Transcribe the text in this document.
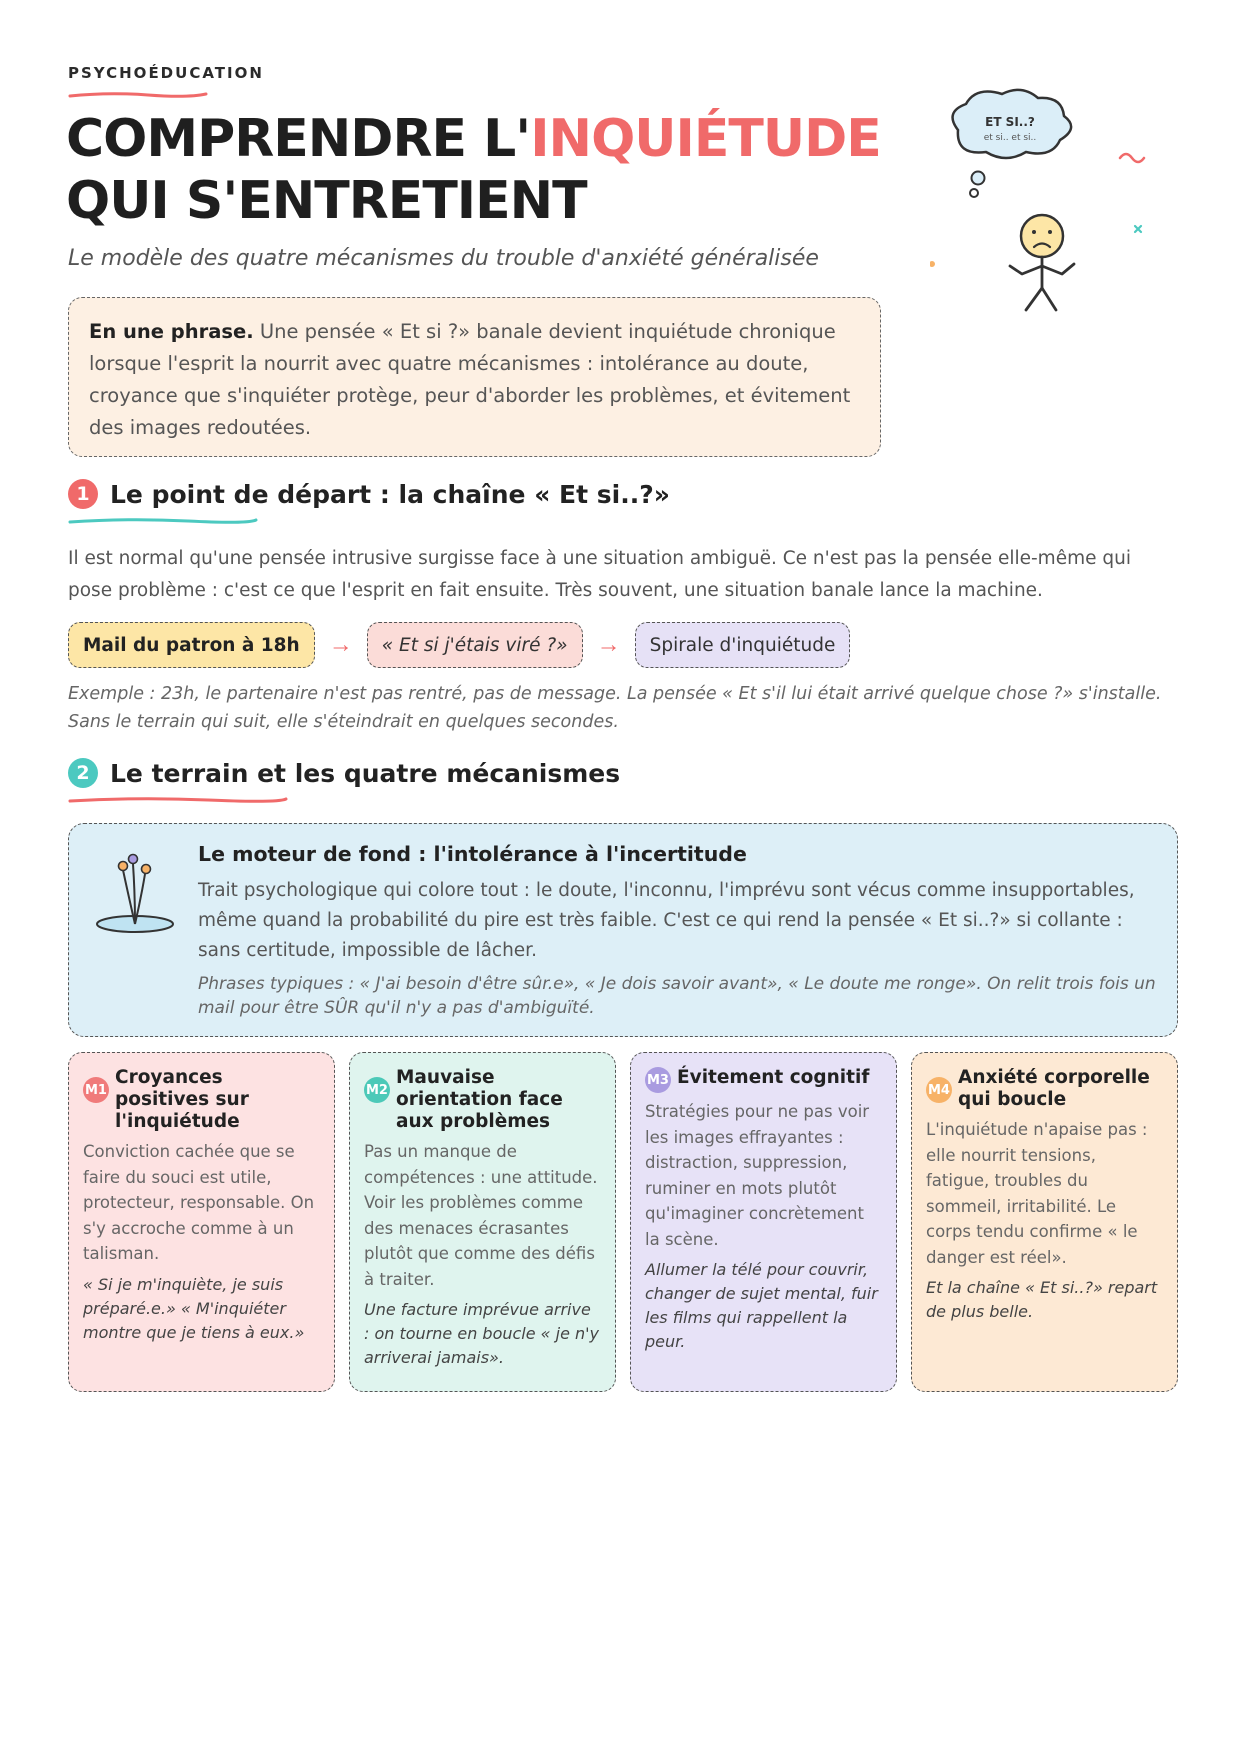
PSYCHOÉDUCATION
COMPRENDRE L'INQUIÉTUDE
QUI S'ENTRETIENT
Le modèle des quatre mécanismes du trouble d'anxiété généralisée
ET SI..?
et si.. et si..
En une phrase. Une pensée « Et si ?» banale devient inquiétude chronique lorsque l'esprit la nourrit avec quatre mécanismes : intolérance au doute, croyance que s'inquiéter protège, peur d'aborder les problèmes, et évitement des images redoutées.
1 Le point de départ : la chaîne « Et si..?»
Il est normal qu'une pensée intrusive surgisse face à une situation ambiguë. Ce n'est pas la pensée elle-même qui pose problème : c'est ce que l'esprit en fait ensuite. Très souvent, une situation banale lance la machine.
Mail du patron à 18h	→	« Et si j'étais viré ?»	→	Spirale d'inquiétude
Exemple : 23h, le partenaire n'est pas rentré, pas de message. La pensée « Et s'il lui était arrivé quelque chose ?» s'installe. Sans le terrain qui suit, elle s'éteindrait en quelques secondes.
2 Le terrain et les quatre mécanismes
Le moteur de fond : l'intolérance à l'incertitude
Trait psychologique qui colore tout : le doute, l'inconnu, l'imprévu sont vécus comme insupportables, même quand la probabilité du pire est très faible. C'est ce qui rend la pensée « Et si..?» si collante : sans certitude, impossible de lâcher.
Phrases typiques : « J'ai besoin d'être sûr.e», « Je dois savoir avant», « Le doute me ronge». On relit trois fois un mail pour être SÛR qu'il n'y a pas d'ambiguïté.
M1
Croyances positives sur l'inquiétude
Conviction cachée que se faire du souci est utile, protecteur, responsable. On s'y accroche comme à un talisman.
« Si je m'inquiète, je suis préparé.e.» « M'inquiéter montre que je tiens à eux.»
M2
Mauvaise orientation face aux problèmes
Pas un manque de compétences : une attitude. Voir les problèmes comme des menaces écrasantes plutôt que comme des défis à traiter.
Une facture imprévue arrive : on tourne en boucle « je n'y arriverai jamais».
M3 Évitement cognitif
Stratégies pour ne pas voir les images effrayantes : distraction, suppression, ruminer en mots plutôt qu'imaginer concrètement la scène.
Allumer la télé pour couvrir, changer de sujet mental, fuir les films qui rappellent la peur.
M4
Anxiété corporelle qui boucle
L'inquiétude n'apaise pas : elle nourrit tensions, fatigue, troubles du sommeil, irritabilité. Le corps tendu confirme « le danger est réel».
Et la chaîne « Et si..?» repart de plus belle.
